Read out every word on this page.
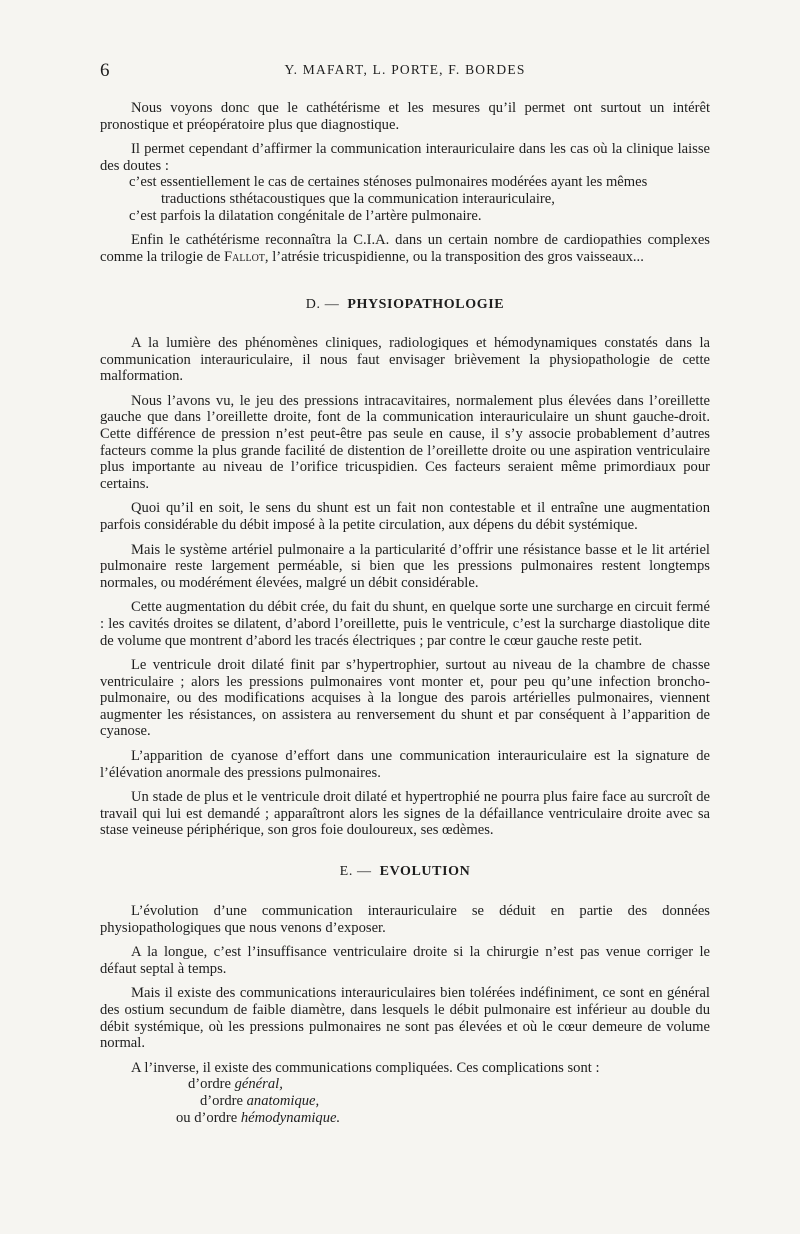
6	Y. MAFART, L. PORTE, F. BORDES

Nous voyons donc que le cathétérisme et les mesures qu’il permet ont surtout un intérêt pronostique et préopératoire plus que diagnostique.

Il permet cependant d’affirmer la communication interauriculaire dans les cas où la clinique laisse des doutes :

c’est essentiellement le cas de certaines sténoses pulmonaires modérées ayant les mêmes traductions sthétacoustiques que la communication interauriculaire,
c’est parfois la dilatation congénitale de l’artère pulmonaire.

Enfin le cathétérisme reconnaîtra la C.I.A. dans un certain nombre de cardiopathies complexes comme la trilogie de Fallot, l’atrésie tricuspidienne, ou la transposition des gros vaisseaux...

D. — PHYSIOPATHOLOGIE

A la lumière des phénomènes cliniques, radiologiques et hémodynamiques constatés dans la communication interauriculaire, il nous faut envisager brièvement la physiopathologie de cette malformation.

Nous l’avons vu, le jeu des pressions intracavitaires, normalement plus élevées dans l’oreillette gauche que dans l’oreillette droite, font de la communication interauriculaire un shunt gauche-droit. Cette différence de pression n’est peut-être pas seule en cause, il s’y associe probablement d’autres facteurs comme la plus grande facilité de distention de l’oreillette droite ou une aspiration ventriculaire plus importante au niveau de l’orifice tricuspidien. Ces facteurs seraient même primordiaux pour certains.

Quoi qu’il en soit, le sens du shunt est un fait non contestable et il entraîne une augmentation parfois considérable du débit imposé à la petite circulation, aux dépens du débit systémique.

Mais le système artériel pulmonaire a la particularité d’offrir une résistance basse et le lit artériel pulmonaire reste largement perméable, si bien que les pressions pulmonaires restent longtemps normales, ou modérément élevées, malgré un débit considérable.

Cette augmentation du débit crée, du fait du shunt, en quelque sorte une surcharge en circuit fermé : les cavités droites se dilatent, d’abord l’oreillette, puis le ventricule, c’est la surcharge diastolique dite de volume que montrent d’abord les tracés électriques ; par contre le cœur gauche reste petit.

Le ventricule droit dilaté finit par s’hypertrophier, surtout au niveau de la chambre de chasse ventriculaire ; alors les pressions pulmonaires vont monter et, pour peu qu’une infection broncho-pulmonaire, ou des modifications acquises à la longue des parois artérielles pulmonaires, viennent augmenter les résistances, on assistera au renversement du shunt et par conséquent à l’apparition de cyanose.

L’apparition de cyanose d’effort dans une communication interauriculaire est la signature de l’élévation anormale des pressions pulmonaires.

Un stade de plus et le ventricule droit dilaté et hypertrophié ne pourra plus faire face au surcroît de travail qui lui est demandé ; apparaîtront alors les signes de la défaillance ventriculaire droite avec sa stase veineuse périphérique, son gros foie douloureux, ses œdèmes.

E. — EVOLUTION

L’évolution d’une communication interauriculaire se déduit en partie des données physiopathologiques que nous venons d’exposer.

A la longue, c’est l’insuffisance ventriculaire droite si la chirurgie n’est pas venue corriger le défaut septal à temps.

Mais il existe des communications interauriculaires bien tolérées indéfiniment, ce sont en général des ostium secundum de faible diamètre, dans lesquels le débit pulmonaire est inférieur au double du débit systémique, où les pressions pulmonaires ne sont pas élevées et où le cœur demeure de volume normal.

A l’inverse, il existe des communications compliquées. Ces complications sont :

d’ordre général,
d’ordre anatomique,
ou d’ordre hémodynamique.
